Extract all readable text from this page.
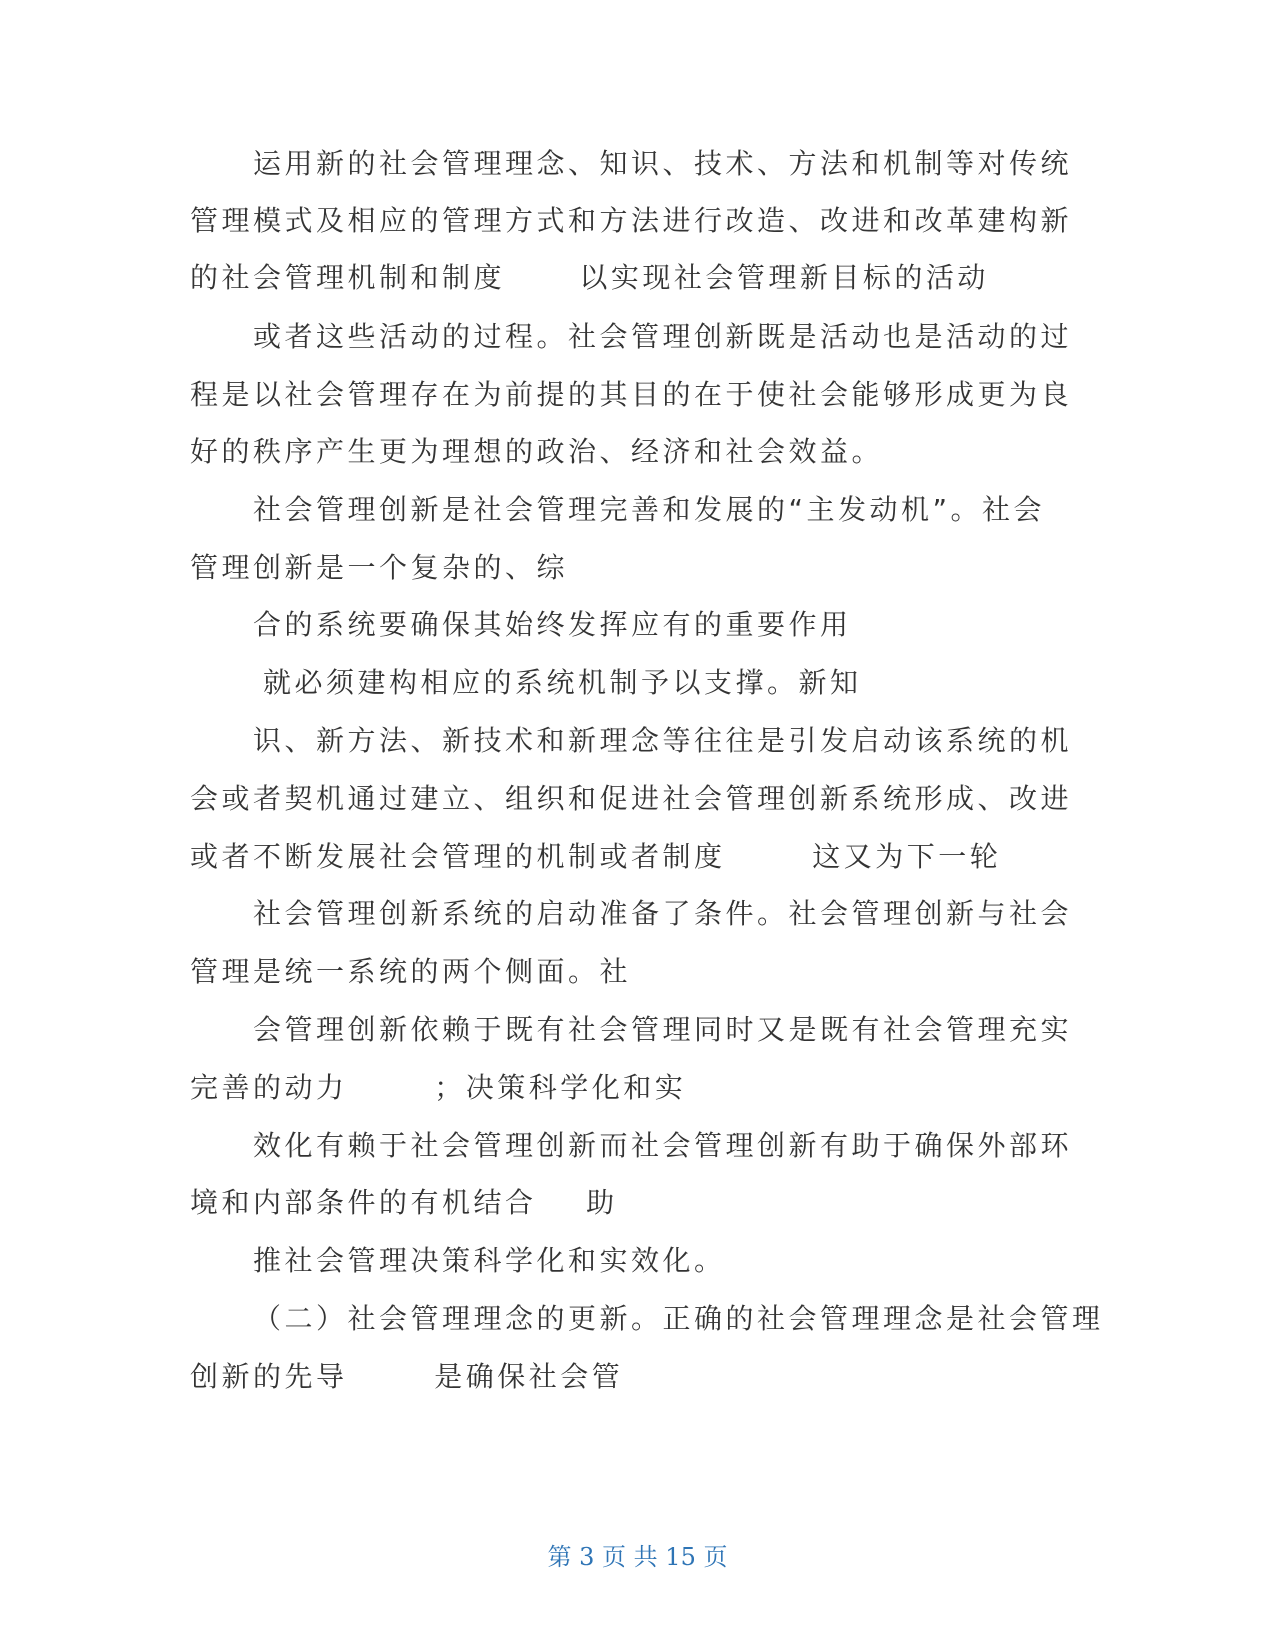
运用新的社会管理理念、知识、技术、方法和机制等对传统
管理模式及相应的管理方式和方法进行改造、改进和改革建构新
的社会管理机制和制度      以实现社会管理新目标的活动
或者这些活动的过程。社会管理创新既是活动也是活动的过
程是以社会管理存在为前提的其目的在于使社会能够形成更为良
好的秩序产生更为理想的政治、经济和社会效益。
社会管理创新是社会管理完善和发展的“主发动机”。社会
管理创新是一个复杂的、综
合的系统要确保其始终发挥应有的重要作用
就必须建构相应的系统机制予以支撑。新知
识、新方法、新技术和新理念等往往是引发启动该系统的机
会或者契机通过建立、组织和促进社会管理创新系统形成、改进
或者不断发展社会管理的机制或者制度       这又为下一轮
社会管理创新系统的启动准备了条件。社会管理创新与社会
管理是统一系统的两个侧面。社
会管理创新依赖于既有社会管理同时又是既有社会管理充实
完善的动力       ；决策科学化和实
效化有赖于社会管理创新而社会管理创新有助于确保外部环
境和内部条件的有机结合    助
推社会管理决策科学化和实效化。
（二）社会管理理念的更新。正确的社会管理理念是社会管理
创新的先导       是确保社会管
第 3 页 共 15 页
